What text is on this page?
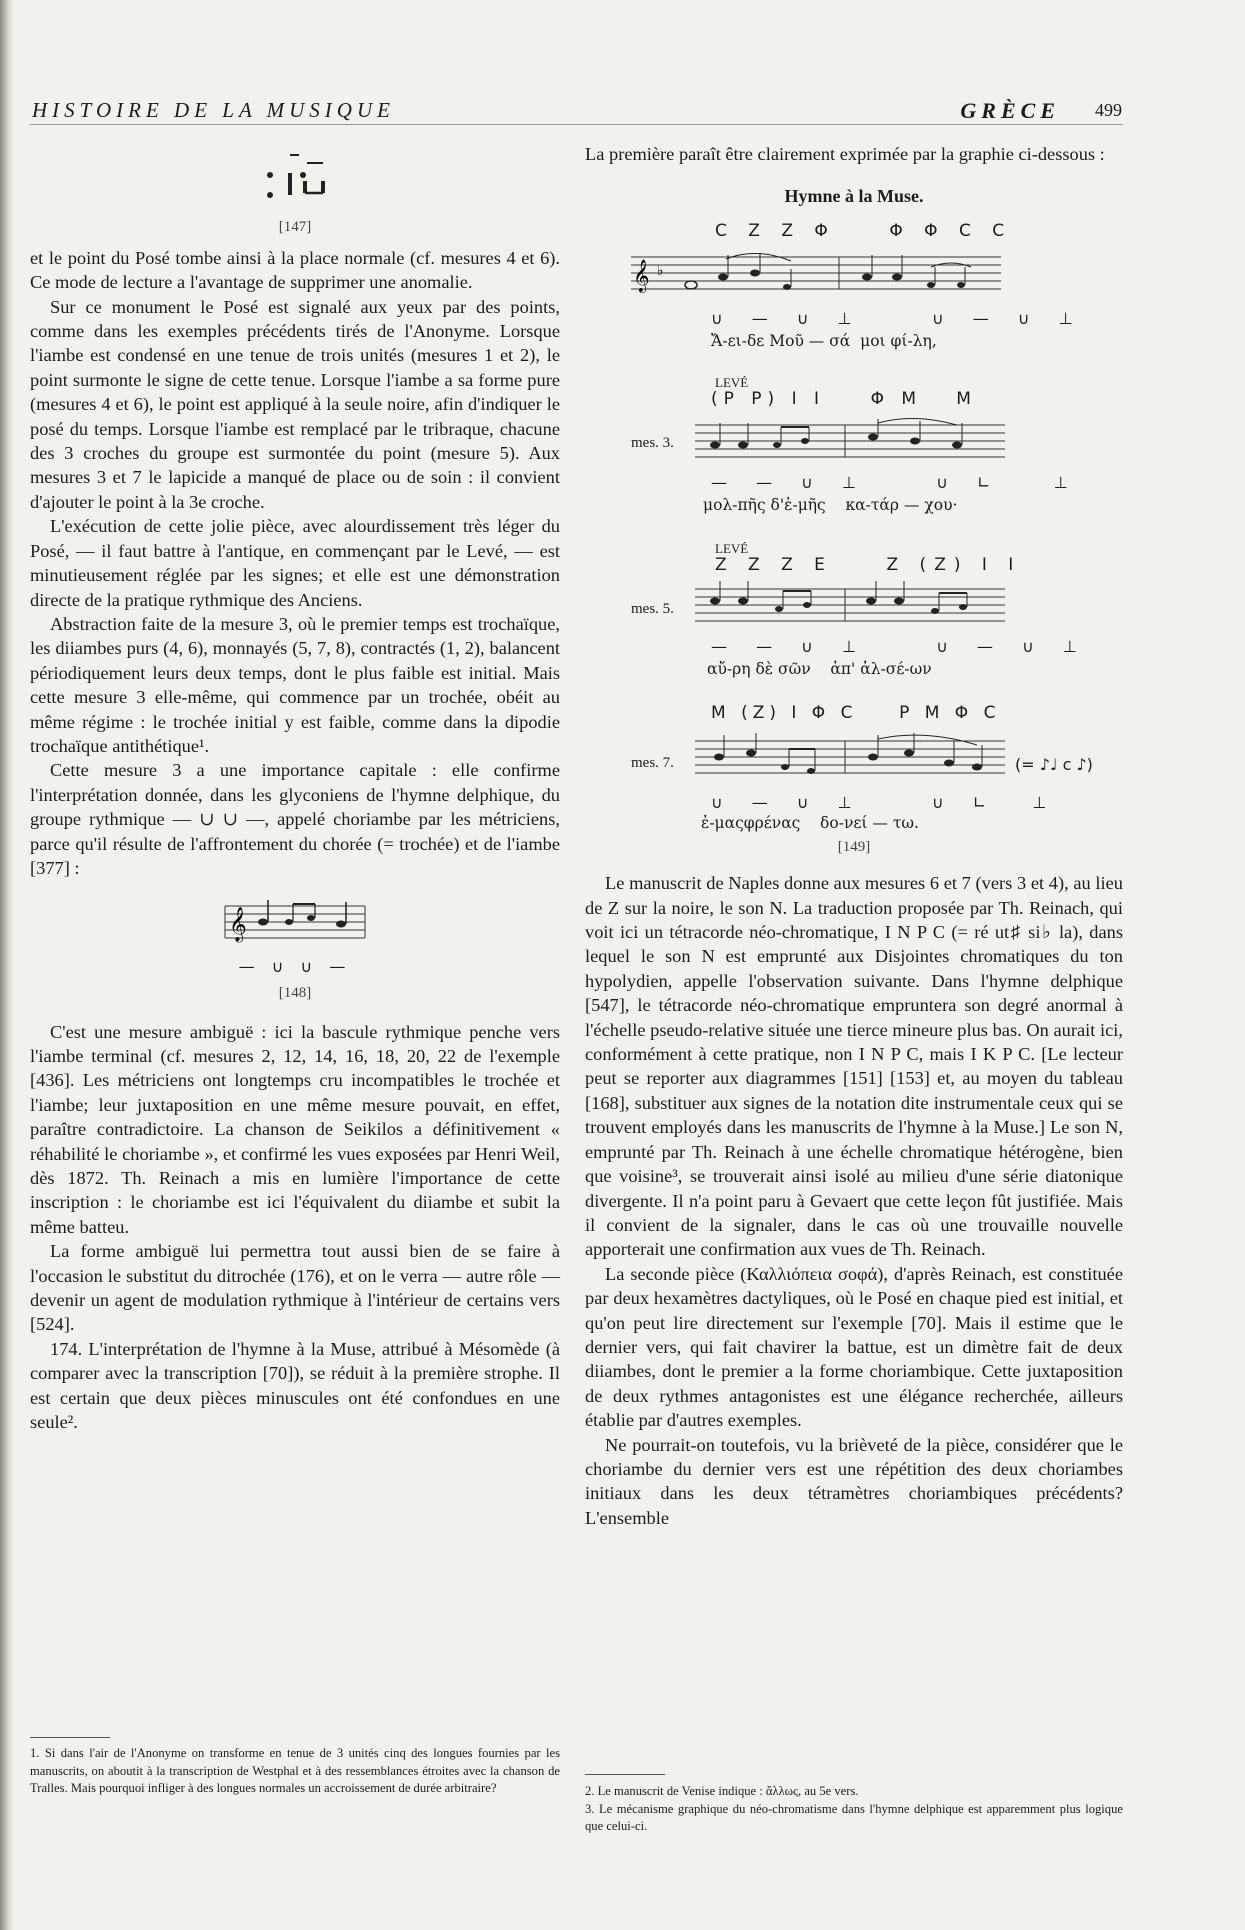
HISTOIRE DE LA MUSIQUE	GRÈCE 499
[147]

et le point du Posé tombe ainsi à la place normale (cf. mesures 4 et 6). Ce mode de lecture a l'avantage de supprimer une anomalie.

Sur ce monument le Posé est signalé aux yeux par des points, comme dans les exemples précédents tirés de l'Anonyme. Lorsque l'iambe est condensé en une tenue de trois unités (mesures 1 et 2), le point surmonte le signe de cette tenue. Lorsque l'iambe a sa forme pure (mesures 4 et 6), le point est appliqué à la seule noire, afin d'indiquer le posé du temps. Lorsque l'iambe est remplacé par le tribraque, chacune des 3 croches du groupe est surmontée du point (mesure 5). Aux mesures 3 et 7 le lapicide a manqué de place ou de soin : il convient d'ajouter le point à la 3e croche.

L'exécution de cette jolie pièce, avec alourdissement très léger du Posé, — il faut battre à l'antique, en commençant par le Levé, — est minutieusement réglée par les signes; et elle est une démonstration directe de la pratique rythmique des Anciens.

Abstraction faite de la mesure 3, où le premier temps est trochaïque, les diiambes purs (4, 6), monnayés (5, 7, 8), contractés (1, 2), balancent périodiquement leurs deux temps, dont le plus faible est initial. Mais cette mesure 3 elle-même, qui commence par un trochée, obéit au même régime : le trochée initial y est faible, comme dans la dipodie trochaïque antithétique¹.

Cette mesure 3 a une importance capitale : elle confirme l'interprétation donnée, dans les glyconiens de l'hymne delphique, du groupe rythmique — ∪ ∪ —, appelé choriambe par les métriciens, parce qu'il résulte de l'affrontement du chorée (= trochée) et de l'iambe [377] :

𝄞
— ∪ ∪ —
[148]

C'est une mesure ambiguë : ici la bascule rythmique penche vers l'iambe terminal (cf. mesures 2, 12, 14, 16, 18, 20, 22 de l'exemple [436]. Les métriciens ont longtemps cru incompatibles le trochée et l'iambe; leur juxtaposition en une même mesure pouvait, en effet, paraître contradictoire. La chanson de Seikilos a définitivement « réhabilité le choriambe », et confirmé les vues exposées par Henri Weil, dès 1872. Th. Reinach a mis en lumière l'importance de cette inscription : le choriambe est ici l'équivalent du diiambe et subit la même batteu.

La forme ambiguë lui permettra tout aussi bien de se faire à l'occasion le substitut du ditrochée (176), et on le verra — autre rôle — devenir un agent de modulation rythmique à l'intérieur de certains vers [524].

174. L'interprétation de l'hymne à la Muse, attribué à Mésomède (à comparer avec la transcription [70]), se réduit à la première strophe. Il est certain que deux pièces minuscules ont été confondues en une seule².

1. Si dans l'air de l'Anonyme on transforme en tenue de 3 unités cinq des longues fournies par les manuscrits, on aboutit à la transcription de Westphal et à des ressemblances étroites avec la chanson de Tralles. Mais pourquoi infliger à des longues normales un accroissement de durée arbitraire?

La première paraît être clairement exprimée par la graphie ci-dessous :

Hymne à la Muse.
C Z Z Φ    Φ Φ C C
𝄞 ♭
∪ — ∪ ⊥    ∪ — ∪ ⊥
Ἄ-ει-δε Μοῦ — σά  μοι φί-λη,
LEVÉ
(P P) I I    Φ M   M
mes. 3.
— — ∪ ⊥    ∪ ∟   ⊥
μολ-πῆς δ'ἑ-μῆς    κα-τάρ — χου·
LEVÉ
Z Z Z E    Z (Z) I I
mes. 5.
— — ∪ ⊥    ∪ — ∪ ⊥
αὔ-ρη δὲ σῶν    ἀπ' ἀλ-σέ-ων
M (Z) I Φ C    P M Φ C
mes. 7.	(= ♪♩ c ♪)
∪ — ∪ ⊥    ∪ ∟  ⊥
ἐ-μαςφρένας    δο-νεί — τω.
[149]

Le manuscrit de Naples donne aux mesures 6 et 7 (vers 3 et 4), au lieu de Z sur la noire, le son N. La traduction proposée par Th. Reinach, qui voit ici un tétracorde néo-chromatique, I N P C (= ré ut♯ si♭ la), dans lequel le son N est emprunté aux Disjointes chromatiques du ton hypolydien, appelle l'observation suivante. Dans l'hymne delphique [547], le tétracorde néo-chromatique empruntera son degré anormal à l'échelle pseudo-relative située une tierce mineure plus bas. On aurait ici, conformément à cette pratique, non I N P C, mais I K P C. [Le lecteur peut se reporter aux diagrammes [151] [153] et, au moyen du tableau [168], substituer aux signes de la notation dite instrumentale ceux qui se trouvent employés dans les manuscrits de l'hymne à la Muse.] Le son N, emprunté par Th. Reinach à une échelle chromatique hétérogène, bien que voisine³, se trouverait ainsi isolé au milieu d'une série diatonique divergente. Il n'a point paru à Gevaert que cette leçon fût justifiée. Mais il convient de la signaler, dans le cas où une trouvaille nouvelle apporterait une confirmation aux vues de Th. Reinach.

La seconde pièce (Καλλιόπεια σοφά), d'après Reinach, est constituée par deux hexamètres dactyliques, où le Posé en chaque pied est initial, et qu'on peut lire directement sur l'exemple [70]. Mais il estime que le dernier vers, qui fait chavirer la battue, est un dimètre fait de deux diiambes, dont le premier a la forme choriambique. Cette juxtaposition de deux rythmes antagonistes est une élégance recherchée, ailleurs établie par d'autres exemples.

Ne pourrait-on toutefois, vu la brièveté de la pièce, considérer que le choriambe du dernier vers est une répétition des deux choriambes initiaux dans les deux tétramètres choriambiques précédents? L'ensemble

2. Le manuscrit de Venise indique : ἄλλως, au 5e vers.
3. Le mécanisme graphique du néo-chromatisme dans l'hymne delphique est apparemment plus logique que celui-ci.
